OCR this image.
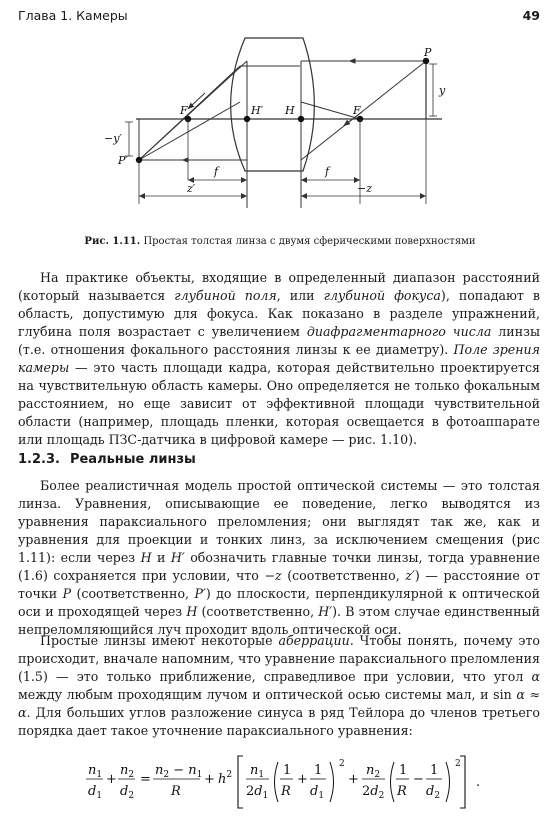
Глава 1. Камеры	49
P
y
F	H′ H	F
−y′
P′
f	f
z′	−z
Рис. 1.11. Простая толстая линза с двумя сферическими поверхностями

На практике объекты, входящие в определенный диапазон расстояний (который называется глубиной поля, или глубиной фокуса), попадают в область, допустимую для фокуса. Как показано в разделе упражнений, глубина поля возрастает с увеличением диафрагментарного числа линзы (т.е. отношения фокального расстояния линзы к ее диаметру). Поле зрения камеры — это часть площади кадра, которая действительно проектируется на чувствительную область камеры. Оно определяется не только фокальным расстоянием, но еще зависит от эффективной площади чувствительной области (например, площадь пленки, которая освещается в фотоаппарате или площадь ПЗС-датчика в цифровой камере — рис. 1.10).

1.2.3. Реальные линзы

Более реалистичная модель простой оптической системы — это толстая линза. Уравнения, описывающие ее поведение, легко выводятся из уравнения параксиального преломления; они выглядят так же, как и уравнения для проекции и тонких линз, за исключением смещения (рис 1.11): если через H и H′ обозначить главные точки линзы, тогда уравнение (1.6) сохраняется при условии, что −z (соответственно, z′) — расстояние от точки P (соответственно, P′) до плоскости, перпендикулярной к оптической оси и проходящей через H (соответственно, H′). В этом случае единственный непреломляющийся луч проходит вдоль оптической оси.

Простые линзы имеют некоторые аберрации. Чтобы понять, почему это происходит, вначале напомним, что уравнение параксиального преломления (1.5) — это только приближение, справедливое при условии, что угол α между любым проходящим лучом и оптической осью системы мал, и sin α ≈ α. Для больших углов разложение синуса в ряд Тейлора до членов третьего порядка дает такое уточнение параксиального уравнения:

$n_1$
$d_1$
+
$n_2$
$d_2$
=
$n_2 - n_1$
R
+ $h^2$ $n_1$
$2d_1$
1
R
+
1
$d_1$
2
+
$n_2$
$2d_2$
1
R
−
1
$d_2$
2
.
